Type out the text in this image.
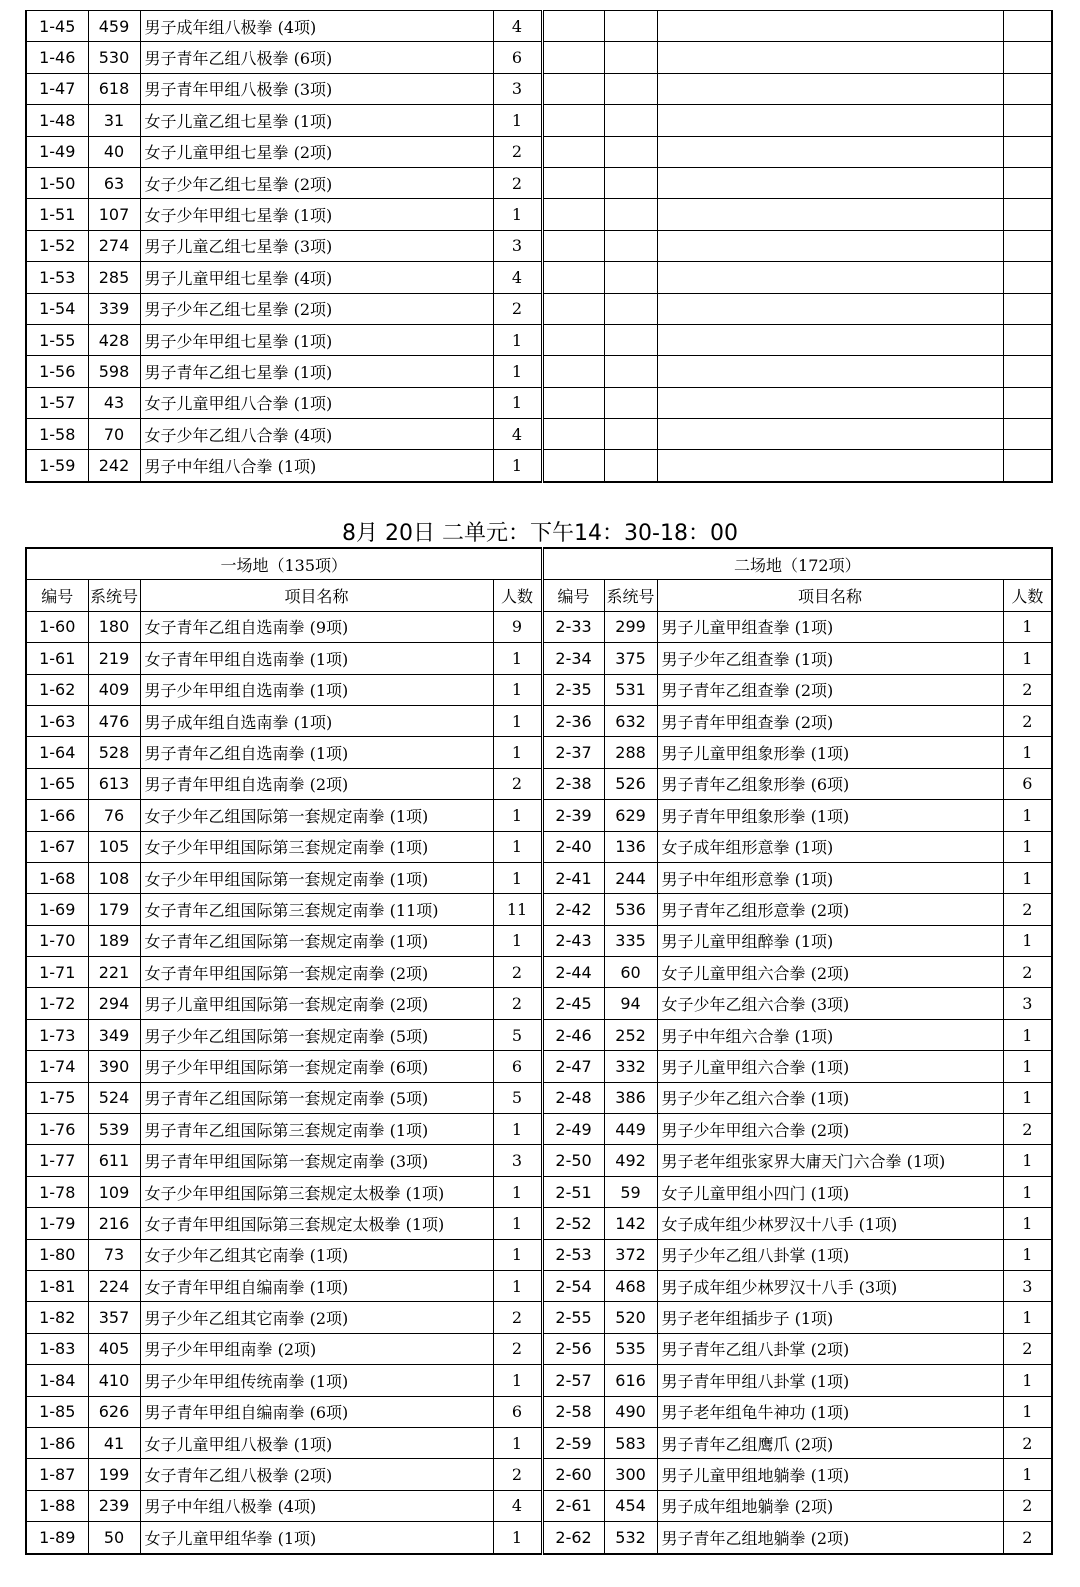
1-45	459	男子成年组八极拳 (4项)	4				
1-46	530	男子青年乙组八极拳 (6项)	6				
1-47	618	男子青年甲组八极拳 (3项)	3				
1-48	31	女子儿童乙组七星拳 (1项)	1				
1-49	40	女子儿童甲组七星拳 (2项)	2				
1-50	63	女子少年乙组七星拳 (2项)	2				
1-51	107	女子少年甲组七星拳 (1项)	1				
1-52	274	男子儿童乙组七星拳 (3项)	3				
1-53	285	男子儿童甲组七星拳 (4项)	4				
1-54	339	男子少年乙组七星拳 (2项)	2				
1-55	428	男子少年甲组七星拳 (1项)	1				
1-56	598	男子青年乙组七星拳 (1项)	1				
1-57	43	女子儿童甲组八合拳 (1项)	1				
1-58	70	女子少年乙组八合拳 (4项)	4				
1-59	242	男子中年组八合拳 (1项)	1				
8月 20日 二单元：下午14：30-18：00
一场地（135项）				二场地（172项）			
编号	系统号	项目名称	人数	编号	系统号	项目名称	人数
1-60	180	女子青年乙组自选南拳 (9项)	9	2-33	299	男子儿童甲组查拳 (1项)	1
1-61	219	女子青年甲组自选南拳 (1项)	1	2-34	375	男子少年乙组查拳 (1项)	1
1-62	409	男子少年甲组自选南拳 (1项)	1	2-35	531	男子青年乙组查拳 (2项)	2
1-63	476	男子成年组自选南拳 (1项)	1	2-36	632	男子青年甲组查拳 (2项)	2
1-64	528	男子青年乙组自选南拳 (1项)	1	2-37	288	男子儿童甲组象形拳 (1项)	1
1-65	613	男子青年甲组自选南拳 (2项)	2	2-38	526	男子青年乙组象形拳 (6项)	6
1-66	76	女子少年乙组国际第一套规定南拳 (1项)	1	2-39	629	男子青年甲组象形拳 (1项)	1
1-67	105	女子少年甲组国际第三套规定南拳 (1项)	1	2-40	136	女子成年组形意拳 (1项)	1
1-68	108	女子少年甲组国际第一套规定南拳 (1项)	1	2-41	244	男子中年组形意拳 (1项)	1
1-69	179	女子青年乙组国际第三套规定南拳 (11项)	11	2-42	536	男子青年乙组形意拳 (2项)	2
1-70	189	女子青年乙组国际第一套规定南拳 (1项)	1	2-43	335	男子儿童甲组醉拳 (1项)	1
1-71	221	女子青年甲组国际第一套规定南拳 (2项)	2	2-44	60	女子儿童甲组六合拳 (2项)	2
1-72	294	男子儿童甲组国际第一套规定南拳 (2项)	2	2-45	94	女子少年乙组六合拳 (3项)	3
1-73	349	男子少年乙组国际第一套规定南拳 (5项)	5	2-46	252	男子中年组六合拳 (1项)	1
1-74	390	男子少年甲组国际第一套规定南拳 (6项)	6	2-47	332	男子儿童甲组六合拳 (1项)	1
1-75	524	男子青年乙组国际第一套规定南拳 (5项)	5	2-48	386	男子少年乙组六合拳 (1项)	1
1-76	539	男子青年乙组国际第三套规定南拳 (1项)	1	2-49	449	男子少年甲组六合拳 (2项)	2
1-77	611	男子青年甲组国际第一套规定南拳 (3项)	3	2-50	492	男子老年组张家界大庸天门六合拳 (1项)	1
1-78	109	女子少年甲组国际第三套规定太极拳 (1项)	1	2-51	59	女子儿童甲组小四门 (1项)	1
1-79	216	女子青年甲组国际第三套规定太极拳 (1项)	1	2-52	142	女子成年组少林罗汉十八手 (1项)	1
1-80	73	女子少年乙组其它南拳 (1项)	1	2-53	372	男子少年乙组八卦掌 (1项)	1
1-81	224	女子青年甲组自编南拳 (1项)	1	2-54	468	男子成年组少林罗汉十八手 (3项)	3
1-82	357	男子少年乙组其它南拳 (2项)	2	2-55	520	男子老年组插步子 (1项)	1
1-83	405	男子少年甲组南拳 (2项)	2	2-56	535	男子青年乙组八卦掌 (2项)	2
1-84	410	男子少年甲组传统南拳 (1项)	1	2-57	616	男子青年甲组八卦掌 (1项)	1
1-85	626	男子青年甲组自编南拳 (6项)	6	2-58	490	男子老年组龟牛神功 (1项)	1
1-86	41	女子儿童甲组八极拳 (1项)	1	2-59	583	男子青年乙组鹰爪 (2项)	2
1-87	199	女子青年乙组八极拳 (2项)	2	2-60	300	男子儿童甲组地躺拳 (1项)	1
1-88	239	男子中年组八极拳 (4项)	4	2-61	454	男子成年组地躺拳 (2项)	2
1-89	50	女子儿童甲组华拳 (1项)	1	2-62	532	男子青年乙组地躺拳 (2项)	2
